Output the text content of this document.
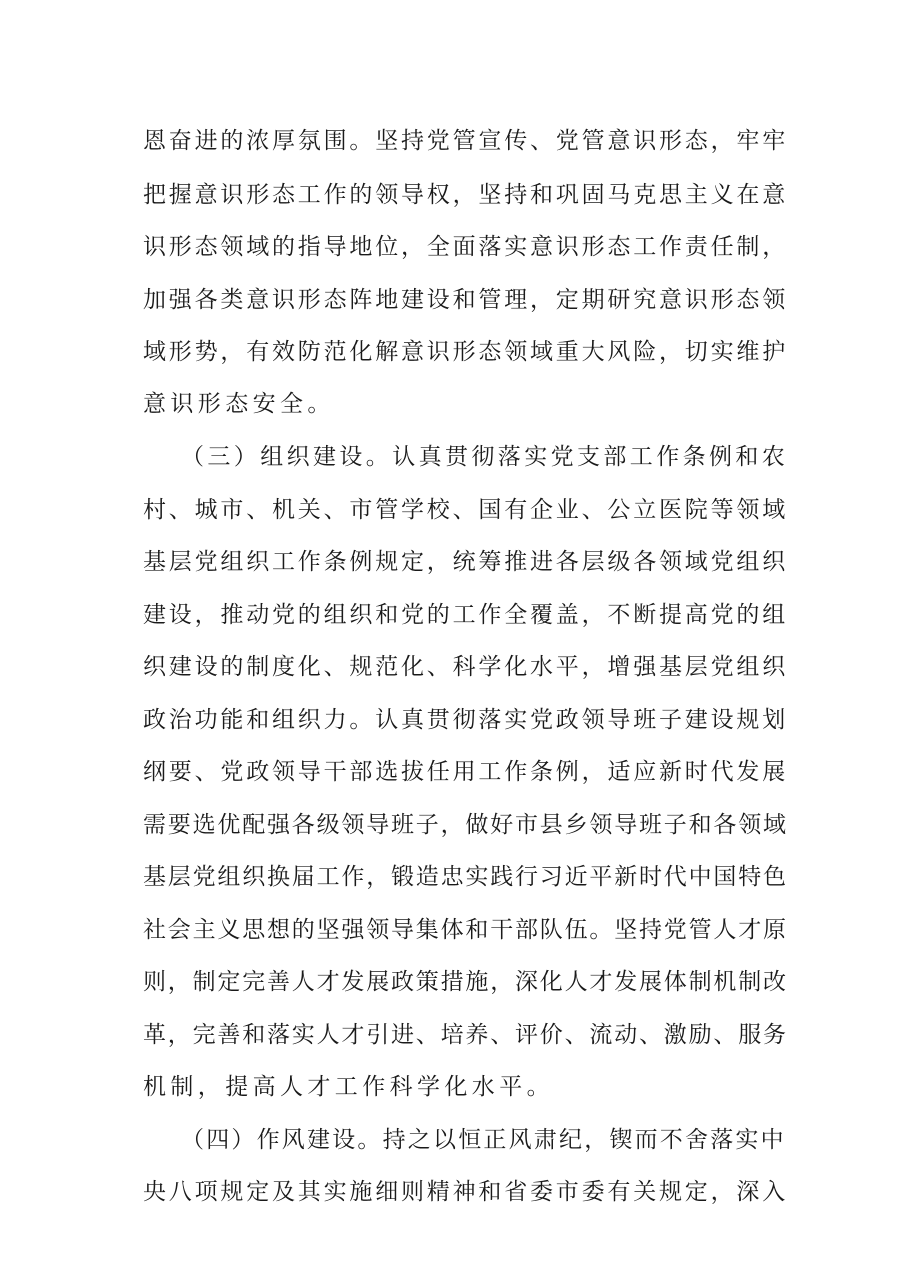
恩奋进的浓厚氛围。坚持党管宣传、党管意识形态，牢牢
把握意识形态工作的领导权，坚持和巩固马克思主义在意
识形态领域的指导地位，全面落实意识形态工作责任制，
加强各类意识形态阵地建设和管理，定期研究意识形态领
域形势，有效防范化解意识形态领域重大风险，切实维护
意识形态安全。
（三）组织建设。认真贯彻落实党支部工作条例和农
村、城市、机关、市管学校、国有企业、公立医院等领域
基层党组织工作条例规定，统筹推进各层级各领域党组织
建设，推动党的组织和党的工作全覆盖，不断提高党的组
织建设的制度化、规范化、科学化水平，增强基层党组织
政治功能和组织力。认真贯彻落实党政领导班子建设规划
纲要、党政领导干部选拔任用工作条例，适应新时代发展
需要选优配强各级领导班子，做好市县乡领导班子和各领域
基层党组织换届工作，锻造忠实践行习近平新时代中国特色
社会主义思想的坚强领导集体和干部队伍。坚持党管人才原
则，制定完善人才发展政策措施，深化人才发展体制机制改
革，完善和落实人才引进、培养、评价、流动、激励、服务
机制，提高人才工作科学化水平。
（四）作风建设。持之以恒正风肃纪，锲而不舍落实中
央八项规定及其实施细则精神和省委市委有关规定，深入
